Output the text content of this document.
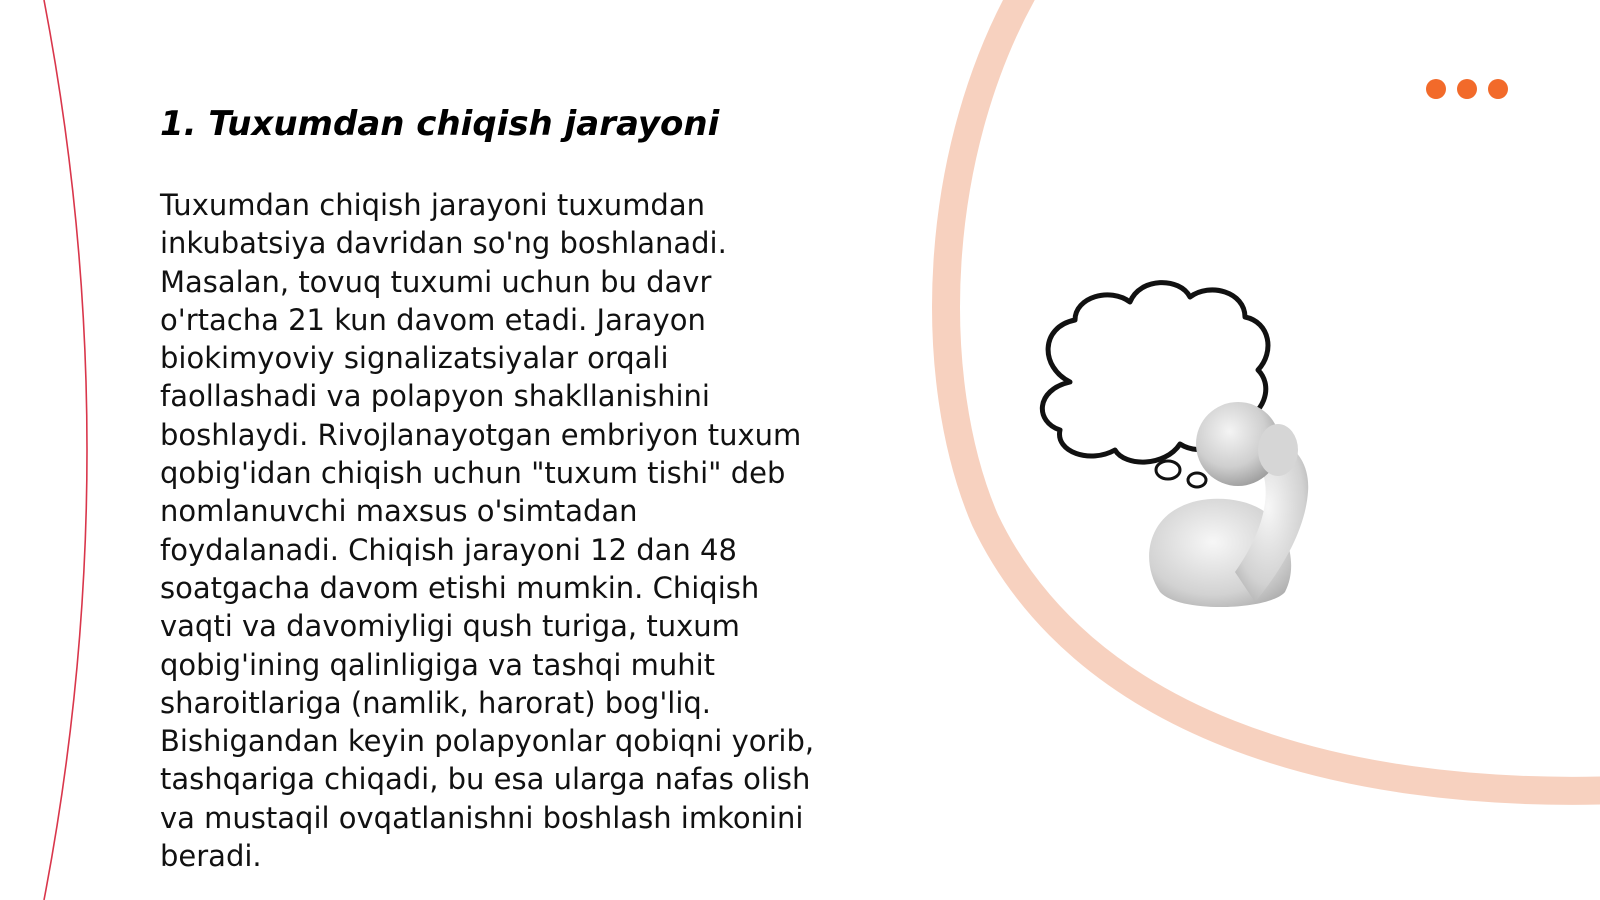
1. Tuxumdan chiqish jarayoni

Tuxumdan chiqish jarayoni tuxumdan
inkubatsiya davridan so'ng boshlanadi.
Masalan, tovuq tuxumi uchun bu davr
o'rtacha 21 kun davom etadi. Jarayon
biokimyoviy signalizatsiyalar orqali
faollashadi va polapyon shakllanishini
boshlaydi. Rivojlanayotgan embriyon tuxum
qobig'idan chiqish uchun "tuxum tishi" deb
nomlanuvchi maxsus o'simtadan
foydalanadi. Chiqish jarayoni 12 dan 48
soatgacha davom etishi mumkin. Chiqish
vaqti va davomiyligi qush turiga, tuxum
qobig'ining qalinligiga va tashqi muhit
sharoitlariga (namlik, harorat) bog'liq.
Bishigandan keyin polapyonlar qobiqni yorib,
tashqariga chiqadi, bu esa ularga nafas olish
va mustaqil ovqatlanishni boshlash imkonini
beradi.
